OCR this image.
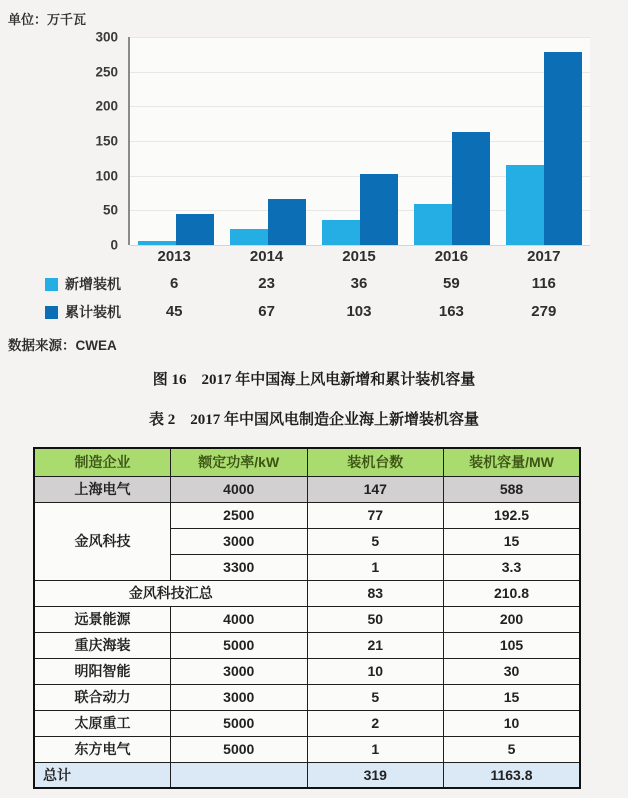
单位：万千瓦
300
250
200
150
100
50
0
2013	2014	2015	2016	2017
新增装机	6	23	36	59	116
累计装机	45	67	103	163	279
数据来源：CWEA
图 16　2017 年中国海上风电新增和累计装机容量
表 2　2017 年中国风电制造企业海上新增装机容量
制造企业	额定功率/kW	装机台数	装机容量/MW
上海电气	4000	147	588
金风科技	2500	77	192.5
	3000	5	15
	3300	1	3.3
金风科技汇总		83	210.8
远景能源	4000	50	200
重庆海装	5000	21	105
明阳智能	3000	10	30
联合动力	3000	5	15
太原重工	5000	2	10
东方电气	5000	1	5
总计		319	1163.8
